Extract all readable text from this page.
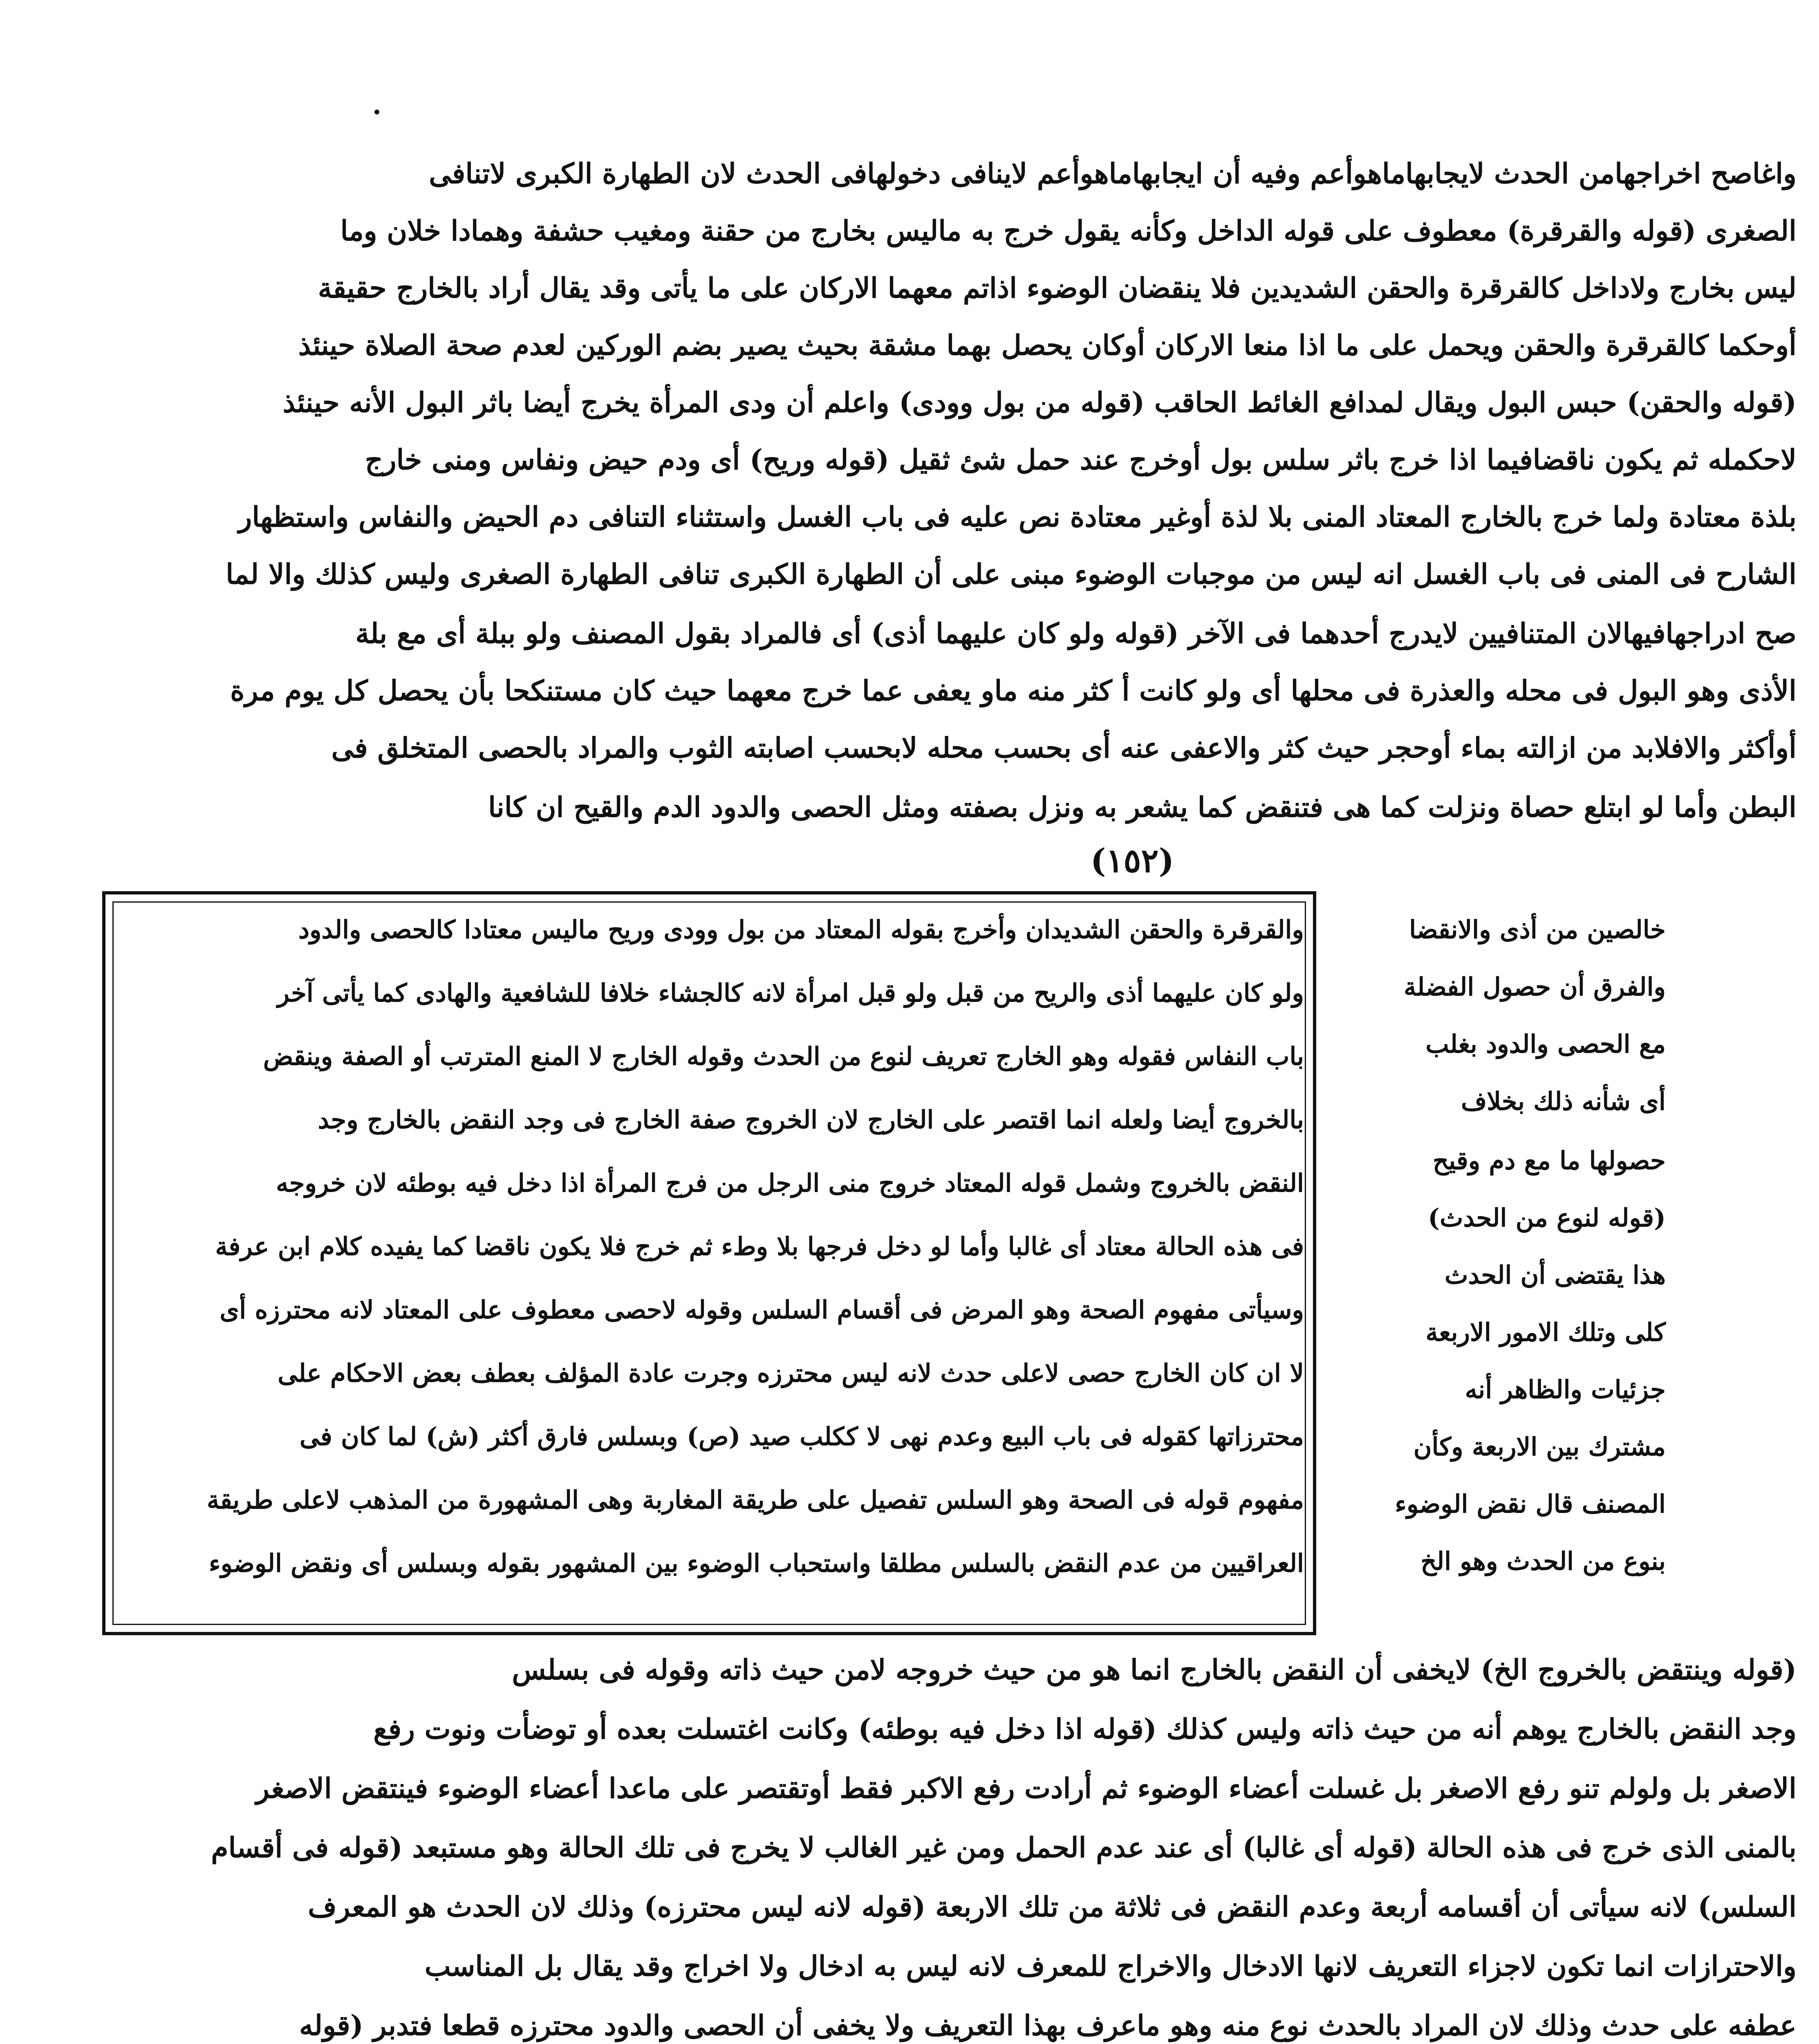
واغاصح اخراجهامن الحدث لايجابهاماهوأعم وفيه أن ايجابهاماهوأعم لاينافى دخولهافى الحدث لان الطهارة الكبرى لاتنافى
الصغرى (قوله والقرقرة) معطوف على قوله الداخل وكأنه يقول خرج به ماليس بخارج من حقنة ومغيب حشفة وهمادا خلان وما
ليس بخارج ولاداخل كالقرقرة والحقن الشديدين فلا ينقضان الوضوء اذاتم معهما الاركان على ما يأتى وقد يقال أراد بالخارج حقيقة
أوحكما كالقرقرة والحقن ويحمل على ما اذا منعا الاركان أوكان يحصل بهما مشقة بحيث يصير بضم الوركين لعدم صحة الصلاة حينئذ
(قوله والحقن) حبس البول ويقال لمدافع الغائط الحاقب (قوله من بول وودى) واعلم أن ودى المرأة يخرج أيضا باثر البول الأنه حينئذ
لاحكمله ثم يكون ناقضافيما اذا خرج باثر سلس بول أوخرج عند حمل شئ ثقيل (قوله وريح) أى ودم حيض ونفاس ومنى خارج
بلذة معتادة ولما خرج بالخارج المعتاد المنى بلا لذة أوغير معتادة نص عليه فى باب الغسل واستثناء التنافى دم الحيض والنفاس واستظهار
الشارح فى المنى فى باب الغسل انه ليس من موجبات الوضوء مبنى على أن الطهارة الكبرى تنافى الطهارة الصغرى وليس كذلك والا لما
صح ادراجهافيهالان المتنافيين لايدرج أحدهما فى الآخر (قوله ولو كان عليهما أذى) أى فالمراد بقول المصنف ولو ببلة أى مع بلة
الأذى وهو البول فى محله والعذرة فى محلها أى ولو كانت أ كثر منه ماو يعفى عما خرج معهما حيث كان مستنكحا بأن يحصل كل يوم مرة
أوأكثر والافلابد من ازالته بماء أوحجر حيث كثر والاعفى عنه أى بحسب محله لابحسب اصابته الثوب والمراد بالحصى المتخلق فى
البطن وأما لو ابتلع حصاة ونزلت كما هى فتنقض كما يشعر به ونزل بصفته ومثل الحصى والدود الدم والقيح ان كانا
(١٥٢)
والقرقرة والحقن الشديدان وأخرج بقوله المعتاد من بول وودى وريح ماليس معتادا كالحصى والدود
ولو كان عليهما أذى والريح من قبل ولو قبل امرأة لانه كالجشاء خلافا للشافعية والهادى كما يأتى آخر
باب النفاس فقوله وهو الخارج تعريف لنوع من الحدث وقوله الخارج لا المنع المترتب أو الصفة وينقض
بالخروج أيضا ولعله انما اقتصر على الخارج لان الخروج صفة الخارج فى وجد النقض بالخارج وجد
النقض بالخروج وشمل قوله المعتاد خروج منى الرجل من فرج المرأة اذا دخل فيه بوطئه لان خروجه
فى هذه الحالة معتاد أى غالبا وأما لو دخل فرجها بلا وطء ثم خرج فلا يكون ناقضا كما يفيده كلام ابن عرفة
وسيأتى مفهوم الصحة وهو المرض فى أقسام السلس وقوله لاحصى معطوف على المعتاد لانه محترزه أى
لا ان كان الخارج حصى لاعلى حدث لانه ليس محترزه وجرت عادة المؤلف بعطف بعض الاحكام على
محترزاتها كقوله فى باب البيع وعدم نهى لا ككلب صيد (ص) وبسلس فارق أكثر (ش) لما كان فى
مفهوم قوله فى الصحة وهو السلس تفصيل على طريقة المغاربة وهى المشهورة من المذهب لاعلى طريقة
العراقيين من عدم النقض بالسلس مطلقا واستحباب الوضوء بين المشهور بقوله وبسلس أى ونقض الوضوء
خالصين من أذى والانقضا
والفرق أن حصول الفضلة
مع الحصى والدود بغلب
أى شأنه ذلك بخلاف
حصولها ما مع دم وقيح
(قوله لنوع من الحدث)
هذا يقتضى أن الحدث
كلى وتلك الامور الاربعة
جزئيات والظاهر أنه
مشترك بين الاربعة وكأن
المصنف قال نقض الوضوء
بنوع من الحدث وهو الخ
(قوله وينتقض بالخروج الخ) لايخفى أن النقض بالخارج انما هو من حيث خروجه لامن حيث ذاته وقوله فى بسلس
وجد النقض بالخارج يوهم أنه من حيث ذاته وليس كذلك (قوله اذا دخل فيه بوطئه) وكانت اغتسلت بعده أو توضأت ونوت رفع
الاصغر بل ولولم تنو رفع الاصغر بل غسلت أعضاء الوضوء ثم أرادت رفع الاكبر فقط أوتقتصر على ماعدا أعضاء الوضوء فينتقض الاصغر
بالمنى الذى خرج فى هذه الحالة (قوله أى غالبا) أى عند عدم الحمل ومن غير الغالب لا يخرج فى تلك الحالة وهو مستبعد (قوله فى أقسام
السلس) لانه سيأتى أن أقسامه أربعة وعدم النقض فى ثلاثة من تلك الاربعة (قوله لانه ليس محترزه) وذلك لان الحدث هو المعرف
والاحترازات انما تكون لاجزاء التعريف لانها الادخال والاخراج للمعرف لانه ليس به ادخال ولا اخراج وقد يقال بل المناسب
عطفه على حدث وذلك لان المراد بالحدث نوع منه وهو ماعرف بهذا التعريف ولا يخفى أن الحصى والدود محترزه قطعا فتدبر (قوله
